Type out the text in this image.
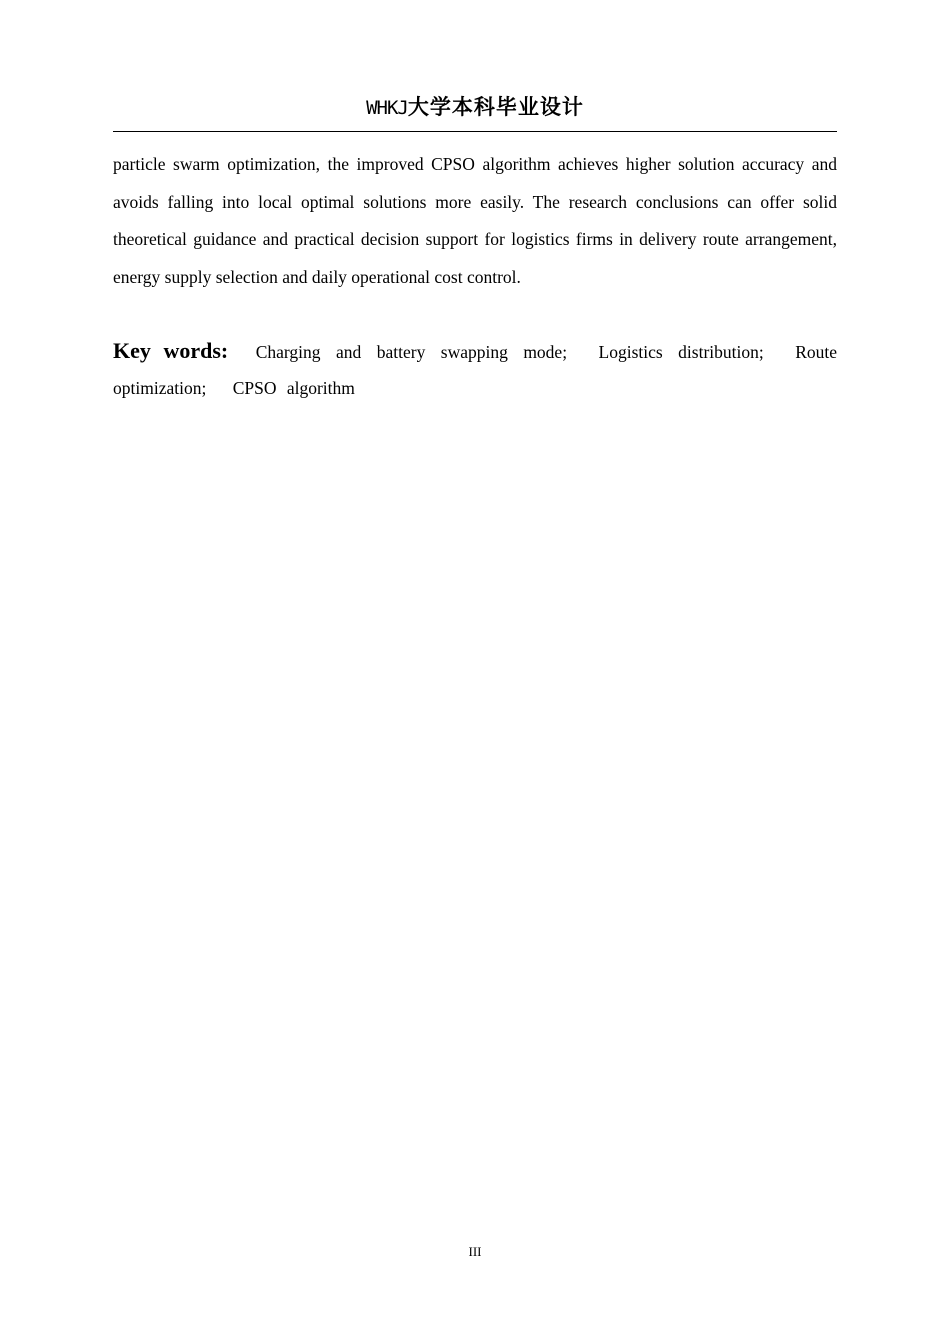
WHKJ大学本科毕业设计

particle swarm optimization, the improved CPSO algorithm achieves higher solution accuracy and avoids falling into local optimal solutions more easily. The research conclusions can offer solid theoretical guidance and practical decision support for logistics firms in delivery route arrangement, energy supply selection and daily operational cost control.

Key words: Charging and battery swapping mode; Logistics distribution; Route optimization; CPSO algorithm

III
